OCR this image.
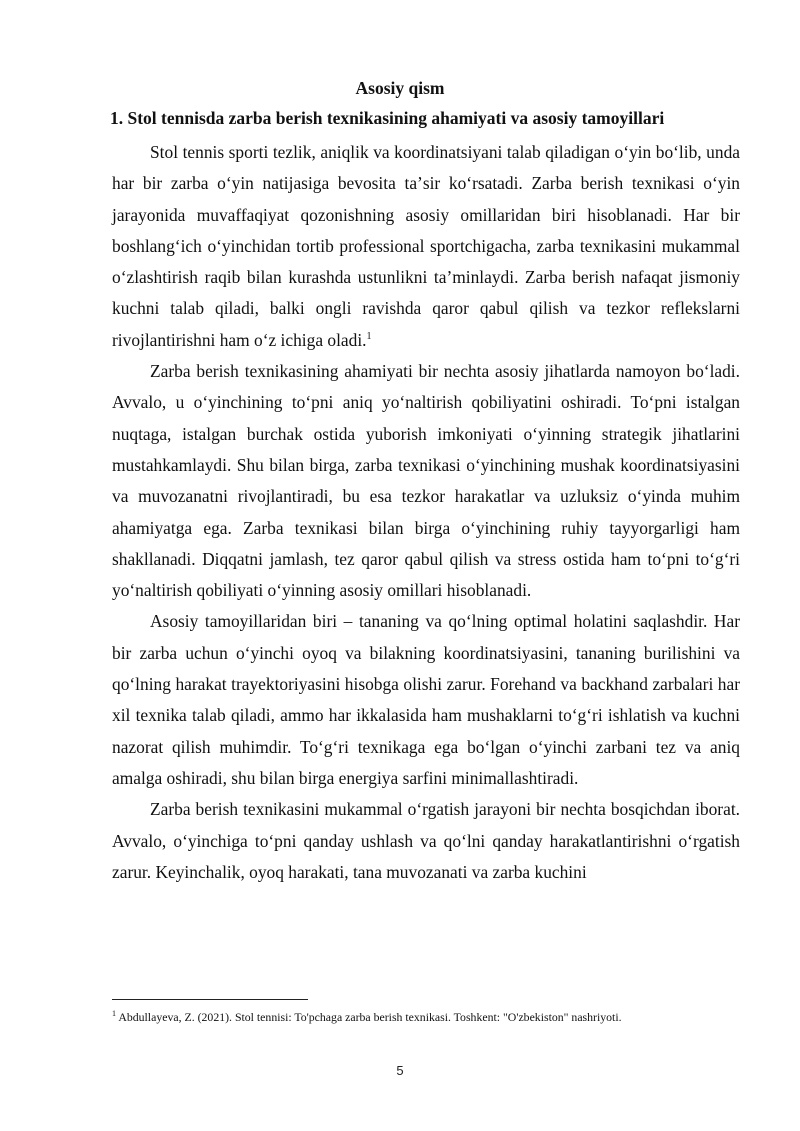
Asosiy qism
1. Stol tennisda zarba berish texnikasining ahamiyati va asosiy tamoyillari

Stol tennis sporti tezlik, aniqlik va koordinatsiyani talab qiladigan oʻyin boʻlib, unda har bir zarba oʻyin natijasiga bevosita taʼsir koʻrsatadi. Zarba berish texnikasi oʻyin jarayonida muvaffaqiyat qozonishning asosiy omillaridan biri hisoblanadi. Har bir boshlangʻich oʻyinchidan tortib professional sportchigacha, zarba texnikasini mukammal oʻzlashtirish raqib bilan kurashda ustunlikni taʼminlaydi. Zarba berish nafaqat jismoniy kuchni talab qiladi, balki ongli ravishda qaror qabul qilish va tezkor reflekslarni rivojlantirishni ham oʻz ichiga oladi.$^1$

Zarba berish texnikasining ahamiyati bir nechta asosiy jihatlarda namoyon boʻladi. Avvalo, u oʻyinchining toʻpni aniq yoʻnaltirish qobiliyatini oshiradi. Toʻpni istalgan nuqtaga, istalgan burchak ostida yuborish imkoniyati oʻyinning strategik jihatlarini mustahkamlaydi. Shu bilan birga, zarba texnikasi oʻyinchining mushak koordinatsiyasini va muvozanatni rivojlantiradi, bu esa tezkor harakatlar va uzluksiz oʻyinda muhim ahamiyatga ega. Zarba texnikasi bilan birga oʻyinchining ruhiy tayyorgarligi ham shakllanadi. Diqqatni jamlash, tez qaror qabul qilish va stress ostida ham toʻpni toʻgʻri yoʻnaltirish qobiliyati oʻyinning asosiy omillari hisoblanadi.

Asosiy tamoyillaridan biri – tananing va qoʻlning optimal holatini saqlashdir. Har bir zarba uchun oʻyinchi oyoq va bilakning koordinatsiyasini, tananing burilishini va qoʻlning harakat trayektoriyasini hisobga olishi zarur. Forehand va backhand zarbalari har xil texnika talab qiladi, ammo har ikkalasida ham mushaklarni toʻgʻri ishlatish va kuchni nazorat qilish muhimdir. Toʻgʻri texnikaga ega boʻlgan oʻyinchi zarbani tez va aniq amalga oshiradi, shu bilan birga energiya sarfini minimallashtiradi.

Zarba berish texnikasini mukammal oʻrgatish jarayoni bir nechta bosqichdan iborat. Avvalo, oʻyinchiga toʻpni qanday ushlash va qoʻlni qanday harakatlantirishni oʻrgatish zarur. Keyinchalik, oyoq harakati, tana muvozanati va zarba kuchini

$^1$ Abdullayeva, Z. (2021). Stol tennisi: To'pchaga zarba berish texnikasi. Toshkent: "O'zbekiston" nashriyoti.
5
